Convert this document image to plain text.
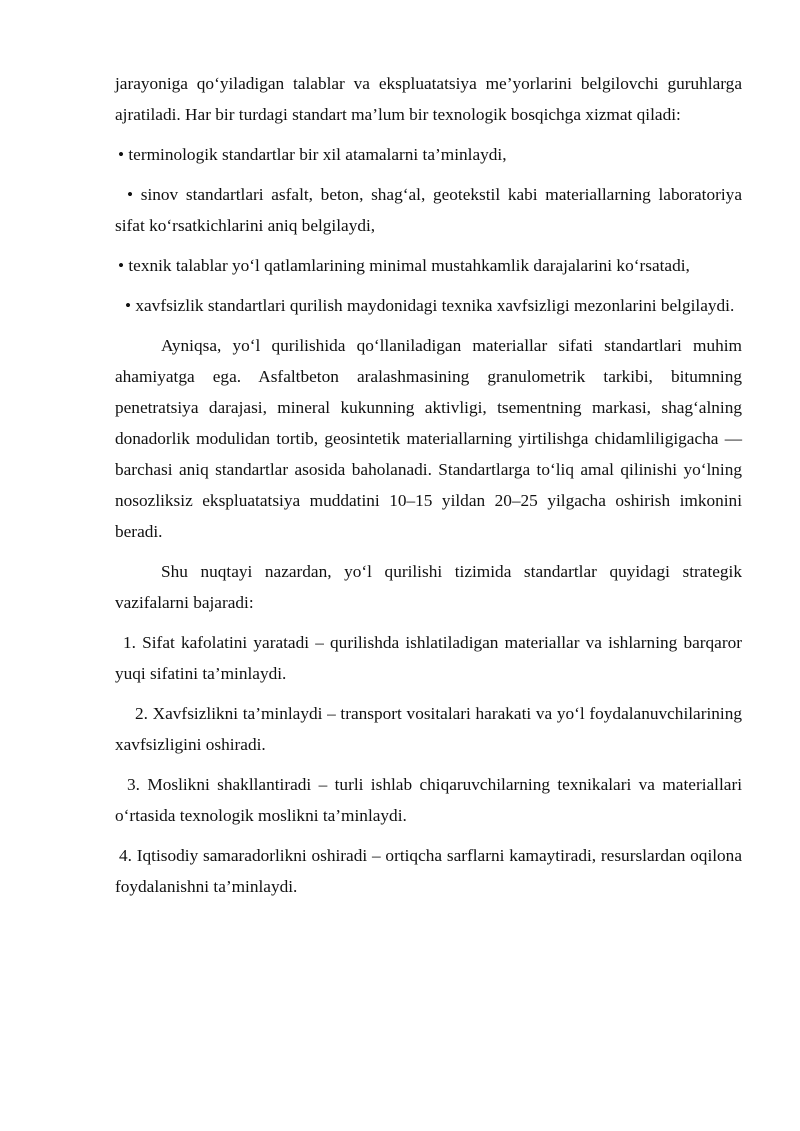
jarayoniga qo‘yiladigan talablar va ekspluatatsiya me’yorlarini belgilovchi guruhlarga ajratiladi. Har bir turdagi standart ma’lum bir texnologik bosqichga xizmat qiladi:

• terminologik standartlar bir xil atamalarni ta’minlaydi,

• sinov standartlari asfalt, beton, shag‘al, geotekstil kabi materiallarning laboratoriya sifat ko‘rsatkichlarini aniq belgilaydi,

• texnik talablar yo‘l qatlamlarining minimal mustahkamlik darajalarini ko‘rsatadi,

• xavfsizlik standartlari qurilish maydonidagi texnika xavfsizligi mezonlarini belgilaydi.

Ayniqsa, yo‘l qurilishida qo‘llaniladigan materiallar sifati standartlari muhim ahamiyatga ega. Asfaltbeton aralashmasining granulometrik tarkibi, bitumning penetratsiya darajasi, mineral kukunning aktivligi, tsementning markasi, shag‘alning donadorlik modulidan tortib, geosintetik materiallarning yirtilishga chidamliligigacha — barchasi aniq standartlar asosida baholanadi. Standartlarga to‘liq amal qilinishi yo‘lning nosozliksiz ekspluatatsiya muddatini 10–15 yildan 20–25 yilgacha oshirish imkonini beradi.

Shu nuqtayi nazardan, yo‘l qurilishi tizimida standartlar quyidagi strategik vazifalarni bajaradi:

1. Sifat kafolatini yaratadi – qurilishda ishlatiladigan materiallar va ishlarning barqaror yuqi sifatini ta’minlaydi.

2. Xavfsizlikni ta’minlaydi – transport vositalari harakati va yo‘l foydalanuvchilarining xavfsizligini oshiradi.

3. Moslikni shakllantiradi – turli ishlab chiqaruvchilarning texnikalari va materiallari o‘rtasida texnologik moslikni ta’minlaydi.

4. Iqtisodiy samaradorlikni oshiradi – ortiqcha sarflarni kamaytiradi, resurslardan oqilona foydalanishni ta’minlaydi.
